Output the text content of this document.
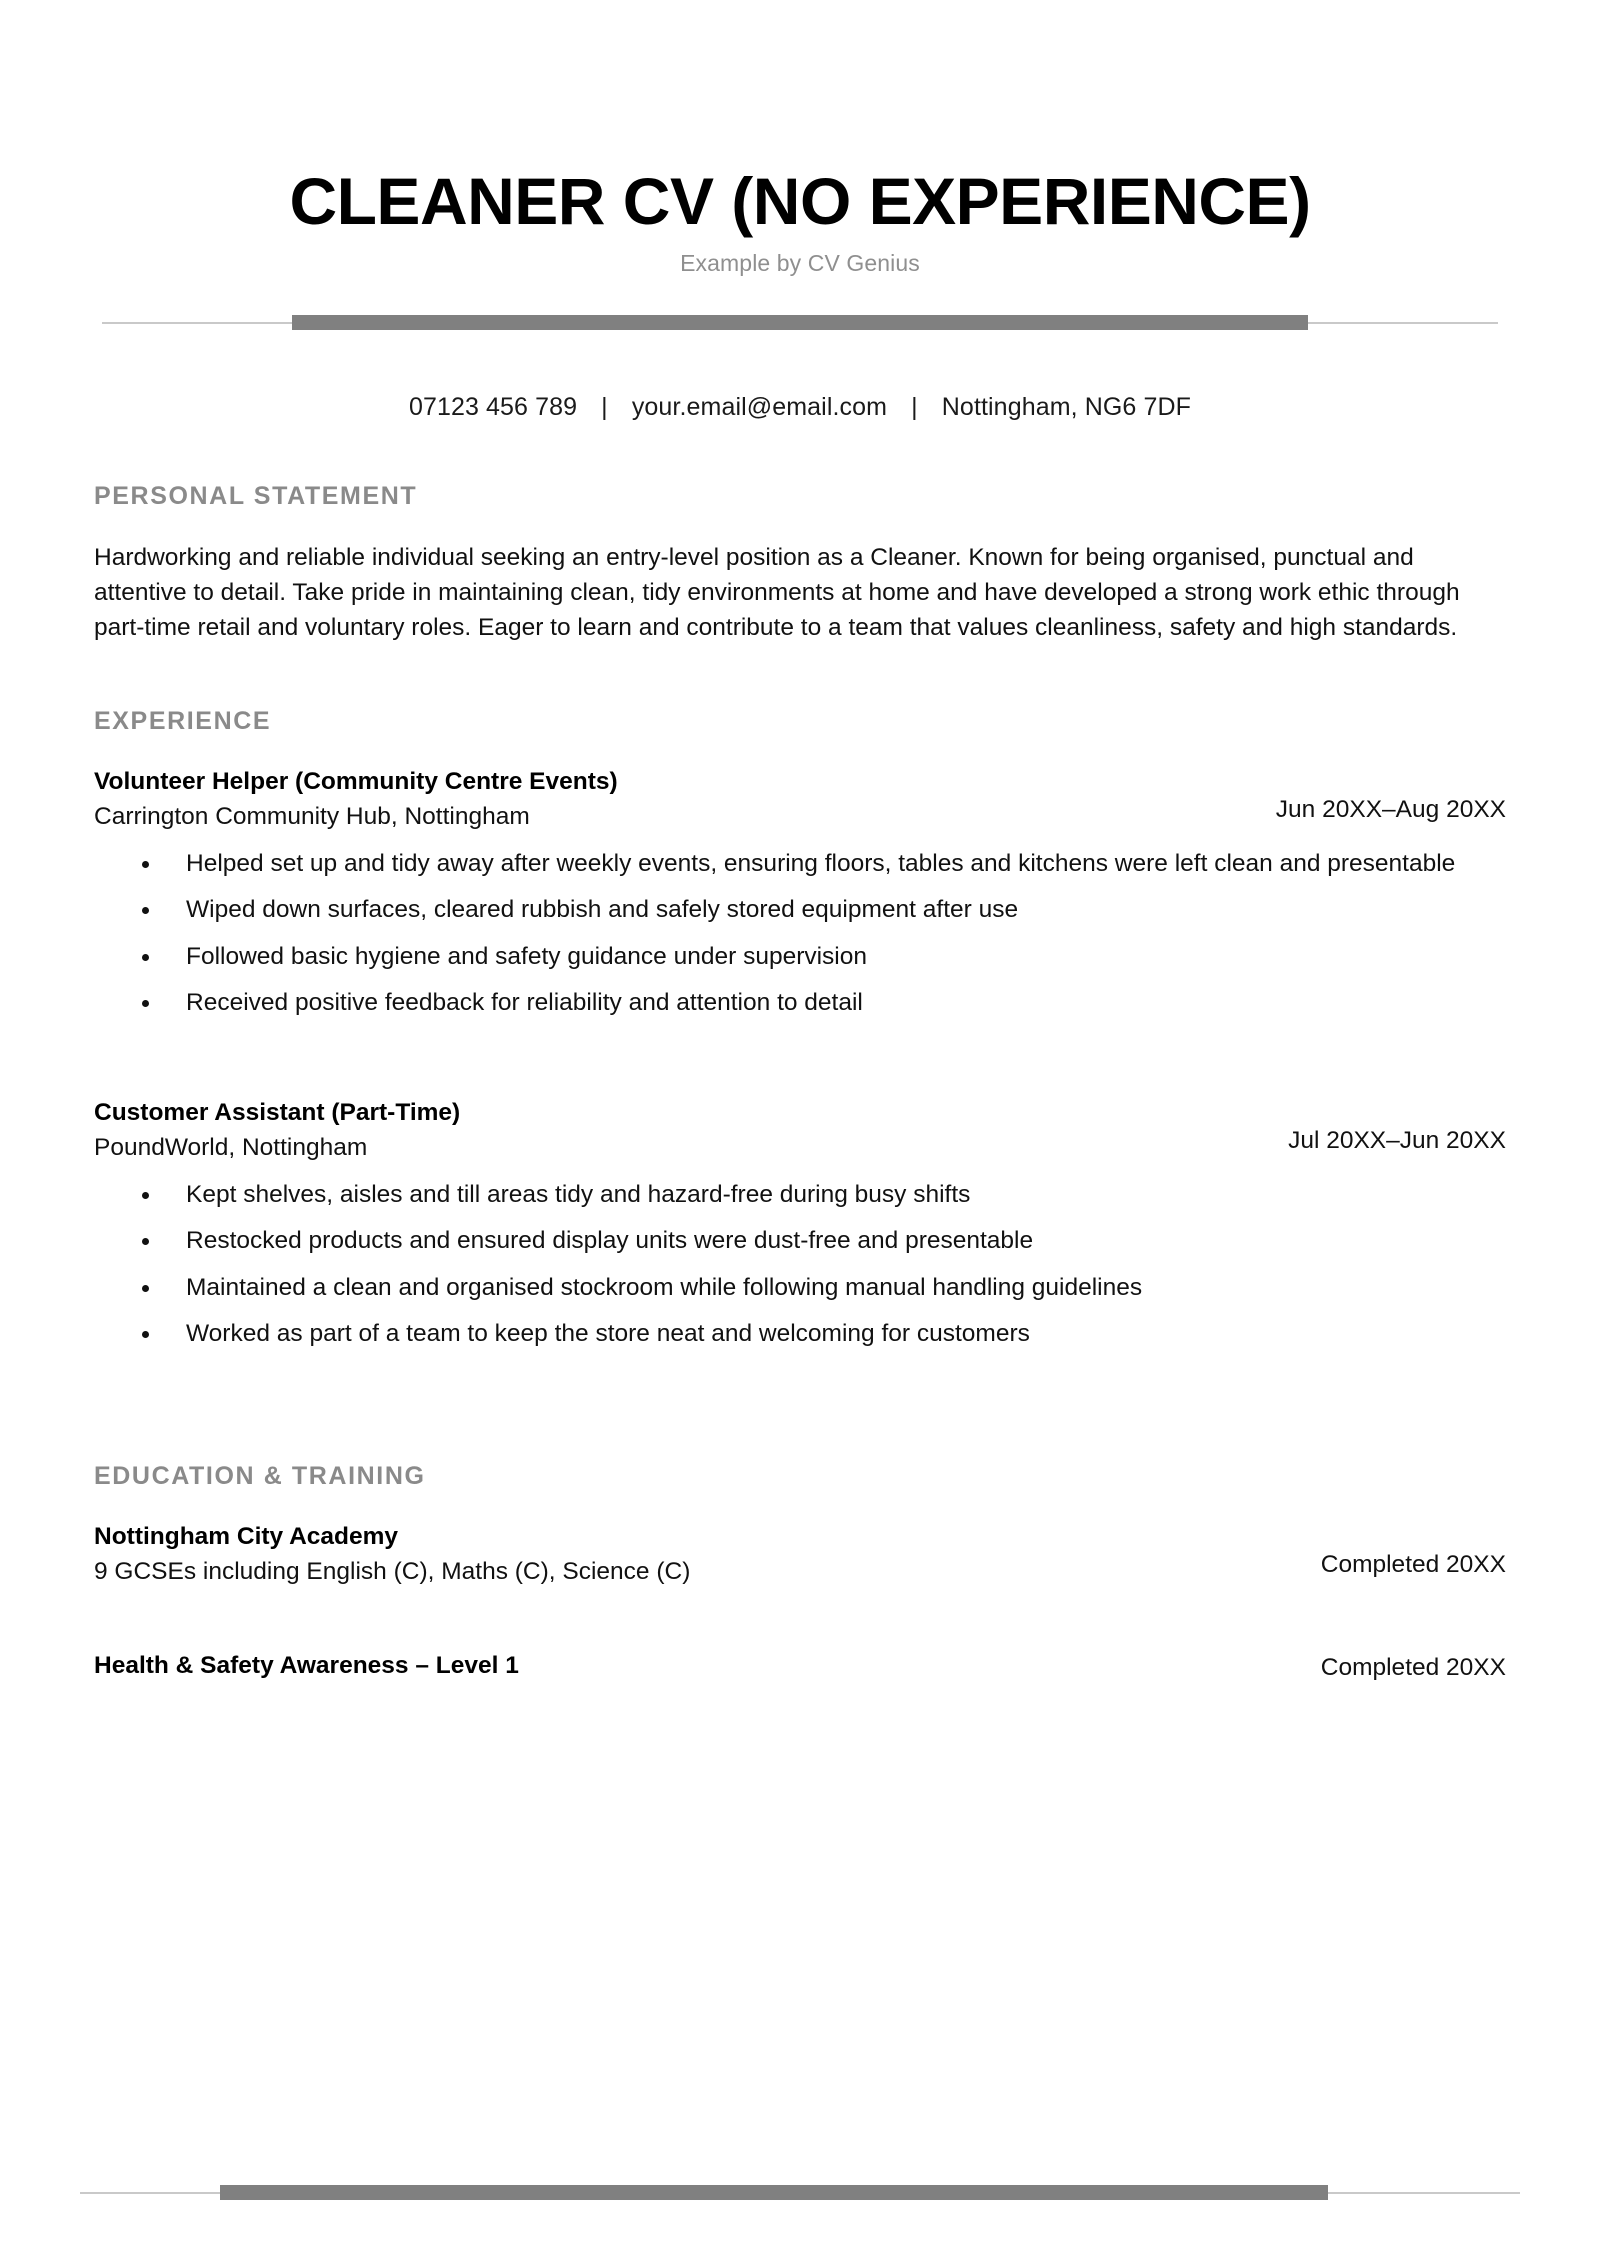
CLEANER CV (NO EXPERIENCE)
Example by CV Genius
07123 456 789 | your.email@email.com | Nottingham, NG6 7DF
PERSONAL STATEMENT

Hardworking and reliable individual seeking an entry-level position as a Cleaner. Known for being organised, punctual and attentive to detail. Take pride in maintaining clean, tidy environments at home and have developed a strong work ethic through part-time retail and voluntary roles. Eager to learn and contribute to a team that values cleanliness, safety and high standards.

EXPERIENCE
Volunteer Helper (Community Centre Events)
Carrington Community Hub, Nottingham	Jun 20XX–Aug 20XX
Helped set up and tidy away after weekly events, ensuring floors, tables and kitchens were left clean and presentable
Wiped down surfaces, cleared rubbish and safely stored equipment after use
Followed basic hygiene and safety guidance under supervision
Received positive feedback for reliability and attention to detail
Customer Assistant (Part-Time)
PoundWorld, Nottingham	Jul 20XX–Jun 20XX
Kept shelves, aisles and till areas tidy and hazard-free during busy shifts
Restocked products and ensured display units were dust-free and presentable
Maintained a clean and organised stockroom while following manual handling guidelines
Worked as part of a team to keep the store neat and welcoming for customers
EDUCATION & TRAINING
Nottingham City Academy
9 GCSEs including English (C), Maths (C), Science (C)	Completed 20XX
Health & Safety Awareness – Level 1	Completed 20XX
